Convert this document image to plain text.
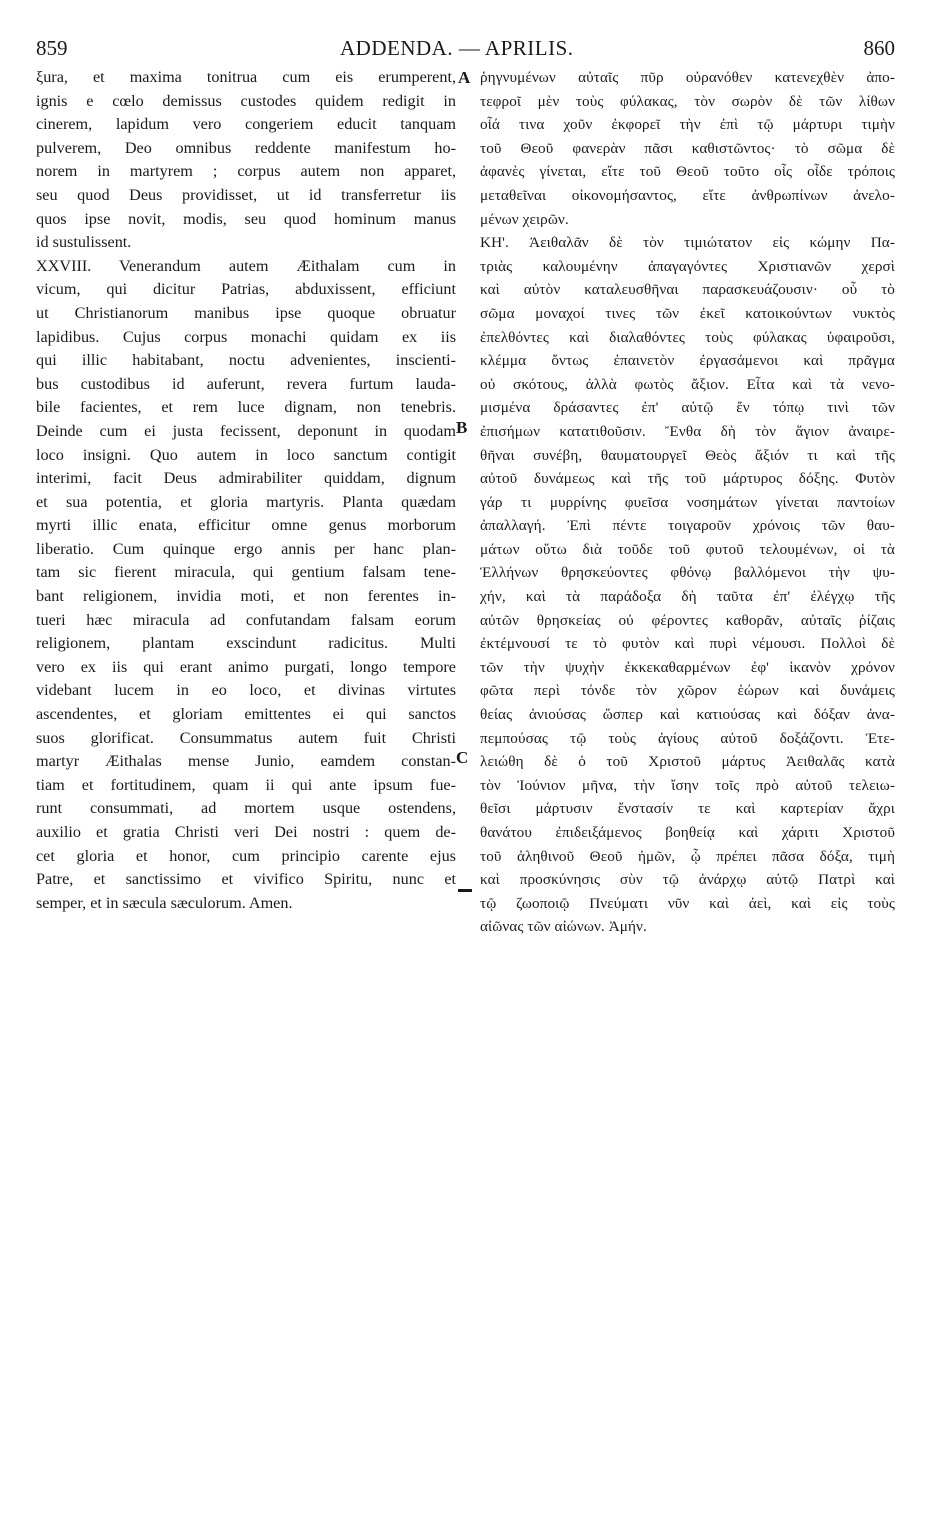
859	ADDENDA. — APRILIS.	860
ξura, et maxima tonitrua cum eis erumperent,
ignis e cœlo demissus custodes quidem redigit in
cinerem, lapidum vero congeriem educit tanquam
pulverem, Deo omnibus reddente manifestum ho-
norem in martyrem ; corpus autem non apparet,
seu quod Deus providisset, ut id transferretur iis
quos ipse novit, modis, seu quod hominum manus
id sustulissent.
XXVIII. Venerandum autem Æithalam cum in
vicum, qui dicitur Patrias, abduxissent, efficiunt
ut Christianorum manibus ipse quoque obruatur
lapidibus. Cujus corpus monachi quidam ex iis
qui illic habitabant, noctu advenientes, inscienti-
bus custodibus id auferunt, revera furtum lauda-
bile facientes, et rem luce dignam, non tenebris.
Deinde cum ei justa fecissent, deponunt in quodam
loco insigni. Quo autem in loco sanctum contigit
interimi, facit Deus admirabiliter quiddam, dignum
et sua potentia, et gloria martyris. Planta quædam
myrti illic enata, efficitur omne genus morborum
liberatio. Cum quinque ergo annis per hanc plan-
tam sic fierent miracula, qui gentium falsam tene-
bant religionem, invidia moti, et non ferentes in-
tueri hæc miracula ad confutandam falsam eorum
religionem, plantam exscindunt radicitus. Multi
vero ex iis qui erant animo purgati, longo tempore
videbant lucem in eo loco, et divinas virtutes
ascendentes, et gloriam emittentes ei qui sanctos
suos glorificat. Consummatus autem fuit Christi
martyr Æithalas mense Junio, eamdem constan-
tiam et fortitudinem, quam ii qui ante ipsum fue-
runt consummati, ad mortem usque ostendens,
auxilio et gratia Christi veri Dei nostri : quem de-
cet gloria et honor, cum principio carente ejus
Patre, et sanctissimo et vivifico Spiritu, nunc et
semper, et in sæcula sæculorum. Amen.
ῥηγνυμένων αὐταῖς πῦρ οὐρανόθεν κατενεχθὲν ἀπο-
τεφροῖ μὲν τοὺς φύλακας, τὸν σωρὸν δὲ τῶν λίθων
οἷά τινα χοῦν ἐκφορεῖ τὴν ἐπὶ τῷ μάρτυρι τιμὴν
τοῦ Θεοῦ φανερὰν πᾶσι καθιστῶντος· τὸ σῶμα δὲ
ἀφανὲς γίνεται, εἴτε τοῦ Θεοῦ τοῦτο οἷς οἶδε τρόποις
μεταθεῖναι οἰκονομήσαντος, εἴτε ἀνθρωπίνων ἀνελο-
μένων χειρῶν.
ΚΗ'. Ἀειθαλᾶν δὲ τὸν τιμιώτατον εἰς κώμην Πα-
τριὰς καλουμένην ἀπαγαγόντες Χριστιανῶν χερσὶ
καὶ αὐτὸν καταλευσθῆναι παρασκευάζουσιν· οὗ τὸ
σῶμα μοναχοί τινες τῶν ἐκεῖ κατοικούντων νυκτὸς
ἐπελθόντες καὶ διαλαθόντες τοὺς φύλακας ὑφαιροῦσι,
κλέμμα ὄντως ἐπαινετὸν ἐργασάμενοι καὶ πρᾶγμα
οὐ σκότους, ἀλλὰ φωτὸς ἄξιον. Εἶτα καὶ τὰ νενο-
μισμένα δράσαντες ἐπ' αὐτῷ ἔν τόπῳ τινὶ τῶν
ἐπισήμων κατατιθοῦσιν. Ἔνθα δὴ τὸν ἅγιον ἀναιρε-
θῆναι συνέβη, θαυματουργεῖ Θεὸς ἄξιόν τι καὶ τῆς
αὐτοῦ δυνάμεως καὶ τῆς τοῦ μάρτυρος δόξης. Φυτὸν
γάρ τι μυρρίνης φυεῖσα νοσημάτων γίνεται παντοίων
ἀπαλλαγή. Ἐπὶ πέντε τοιγαροῦν χρόνοις τῶν θαυ-
μάτων οὕτω διὰ τοῦδε τοῦ φυτοῦ τελουμένων, οἱ τὰ
Ἑλλήνων θρησκεύοντες φθόνῳ βαλλόμενοι τὴν ψυ-
χήν, καὶ τὰ παράδοξα δὴ ταῦτα ἐπ' ἐλέγχῳ τῆς
αὐτῶν θρησκείας οὐ φέροντες καθορᾶν, αὐταῖς ῥίζαις
ἐκτέμνουσί τε τὸ φυτὸν καὶ πυρὶ νέμουσι. Πολλοὶ δὲ
τῶν τὴν ψυχὴν ἐκκεκαθαρμένων ἐφ' ἱκανὸν χρόνον
φῶτα περὶ τόνδε τὸν χῶρον ἑώρων καὶ δυνάμεις
θείας ἀνιούσας ὥσπερ καὶ κατιούσας καὶ δόξαν ἀνα-
πεμπούσας τῷ τοὺς ἁγίους αὐτοῦ δοξάζοντι. Ἐτε-
λειώθη δὲ ὁ τοῦ Χριστοῦ μάρτυς Ἀειθαλᾶς κατὰ
τὸν Ἰούνιον μῆνα, τὴν ἴσην τοῖς πρὸ αὐτοῦ τελειω-
θεῖσι μάρτυσιν ἔνστασίν τε καὶ καρτερίαν ἄχρι
θανάτου ἐπιδειξάμενος βοηθείᾳ καὶ χάριτι Χριστοῦ
τοῦ ἀληθινοῦ Θεοῦ ἡμῶν, ᾧ πρέπει πᾶσα δόξα, τιμὴ
καὶ προσκύνησις σὺν τῷ ἀνάρχῳ αὐτῷ Πατρὶ καὶ
τῷ ζωοποιῷ Πνεύματι νῦν καὶ ἀεὶ, καὶ εἰς τοὺς
αἰῶνας τῶν αἰώνων. Ἀμήν.
A
B
C
